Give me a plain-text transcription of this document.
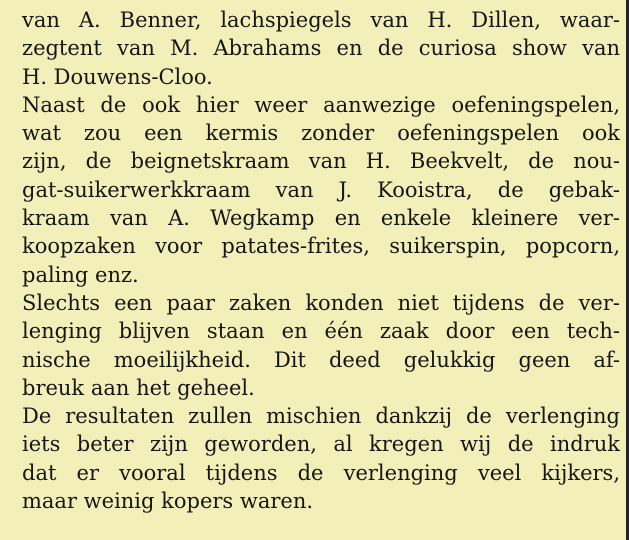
van A. Benner, lachspiegels van H. Dillen, waar-
zegtent van M. Abrahams en de curiosa show van
H. Douwens-Cloo.
Naast de ook hier weer aanwezige oefeningspelen,
wat zou een kermis zonder oefeningspelen ook
zijn, de beignetskraam van H. Beekvelt, de nou-
gat-suikerwerkkraam van J. Kooistra, de gebak-
kraam van A. Wegkamp en enkele kleinere ver-
koopzaken voor patates-frites, suikerspin, popcorn,
paling enz.
Slechts een paar zaken konden niet tijdens de ver-
lenging blijven staan en één zaak door een tech-
nische moeilijkheid. Dit deed gelukkig geen af-
breuk aan het geheel.
De resultaten zullen mischien dankzij de verlenging
iets beter zijn geworden, al kregen wij de indruk
dat er vooral tijdens de verlenging veel kijkers,
maar weinig kopers waren.
